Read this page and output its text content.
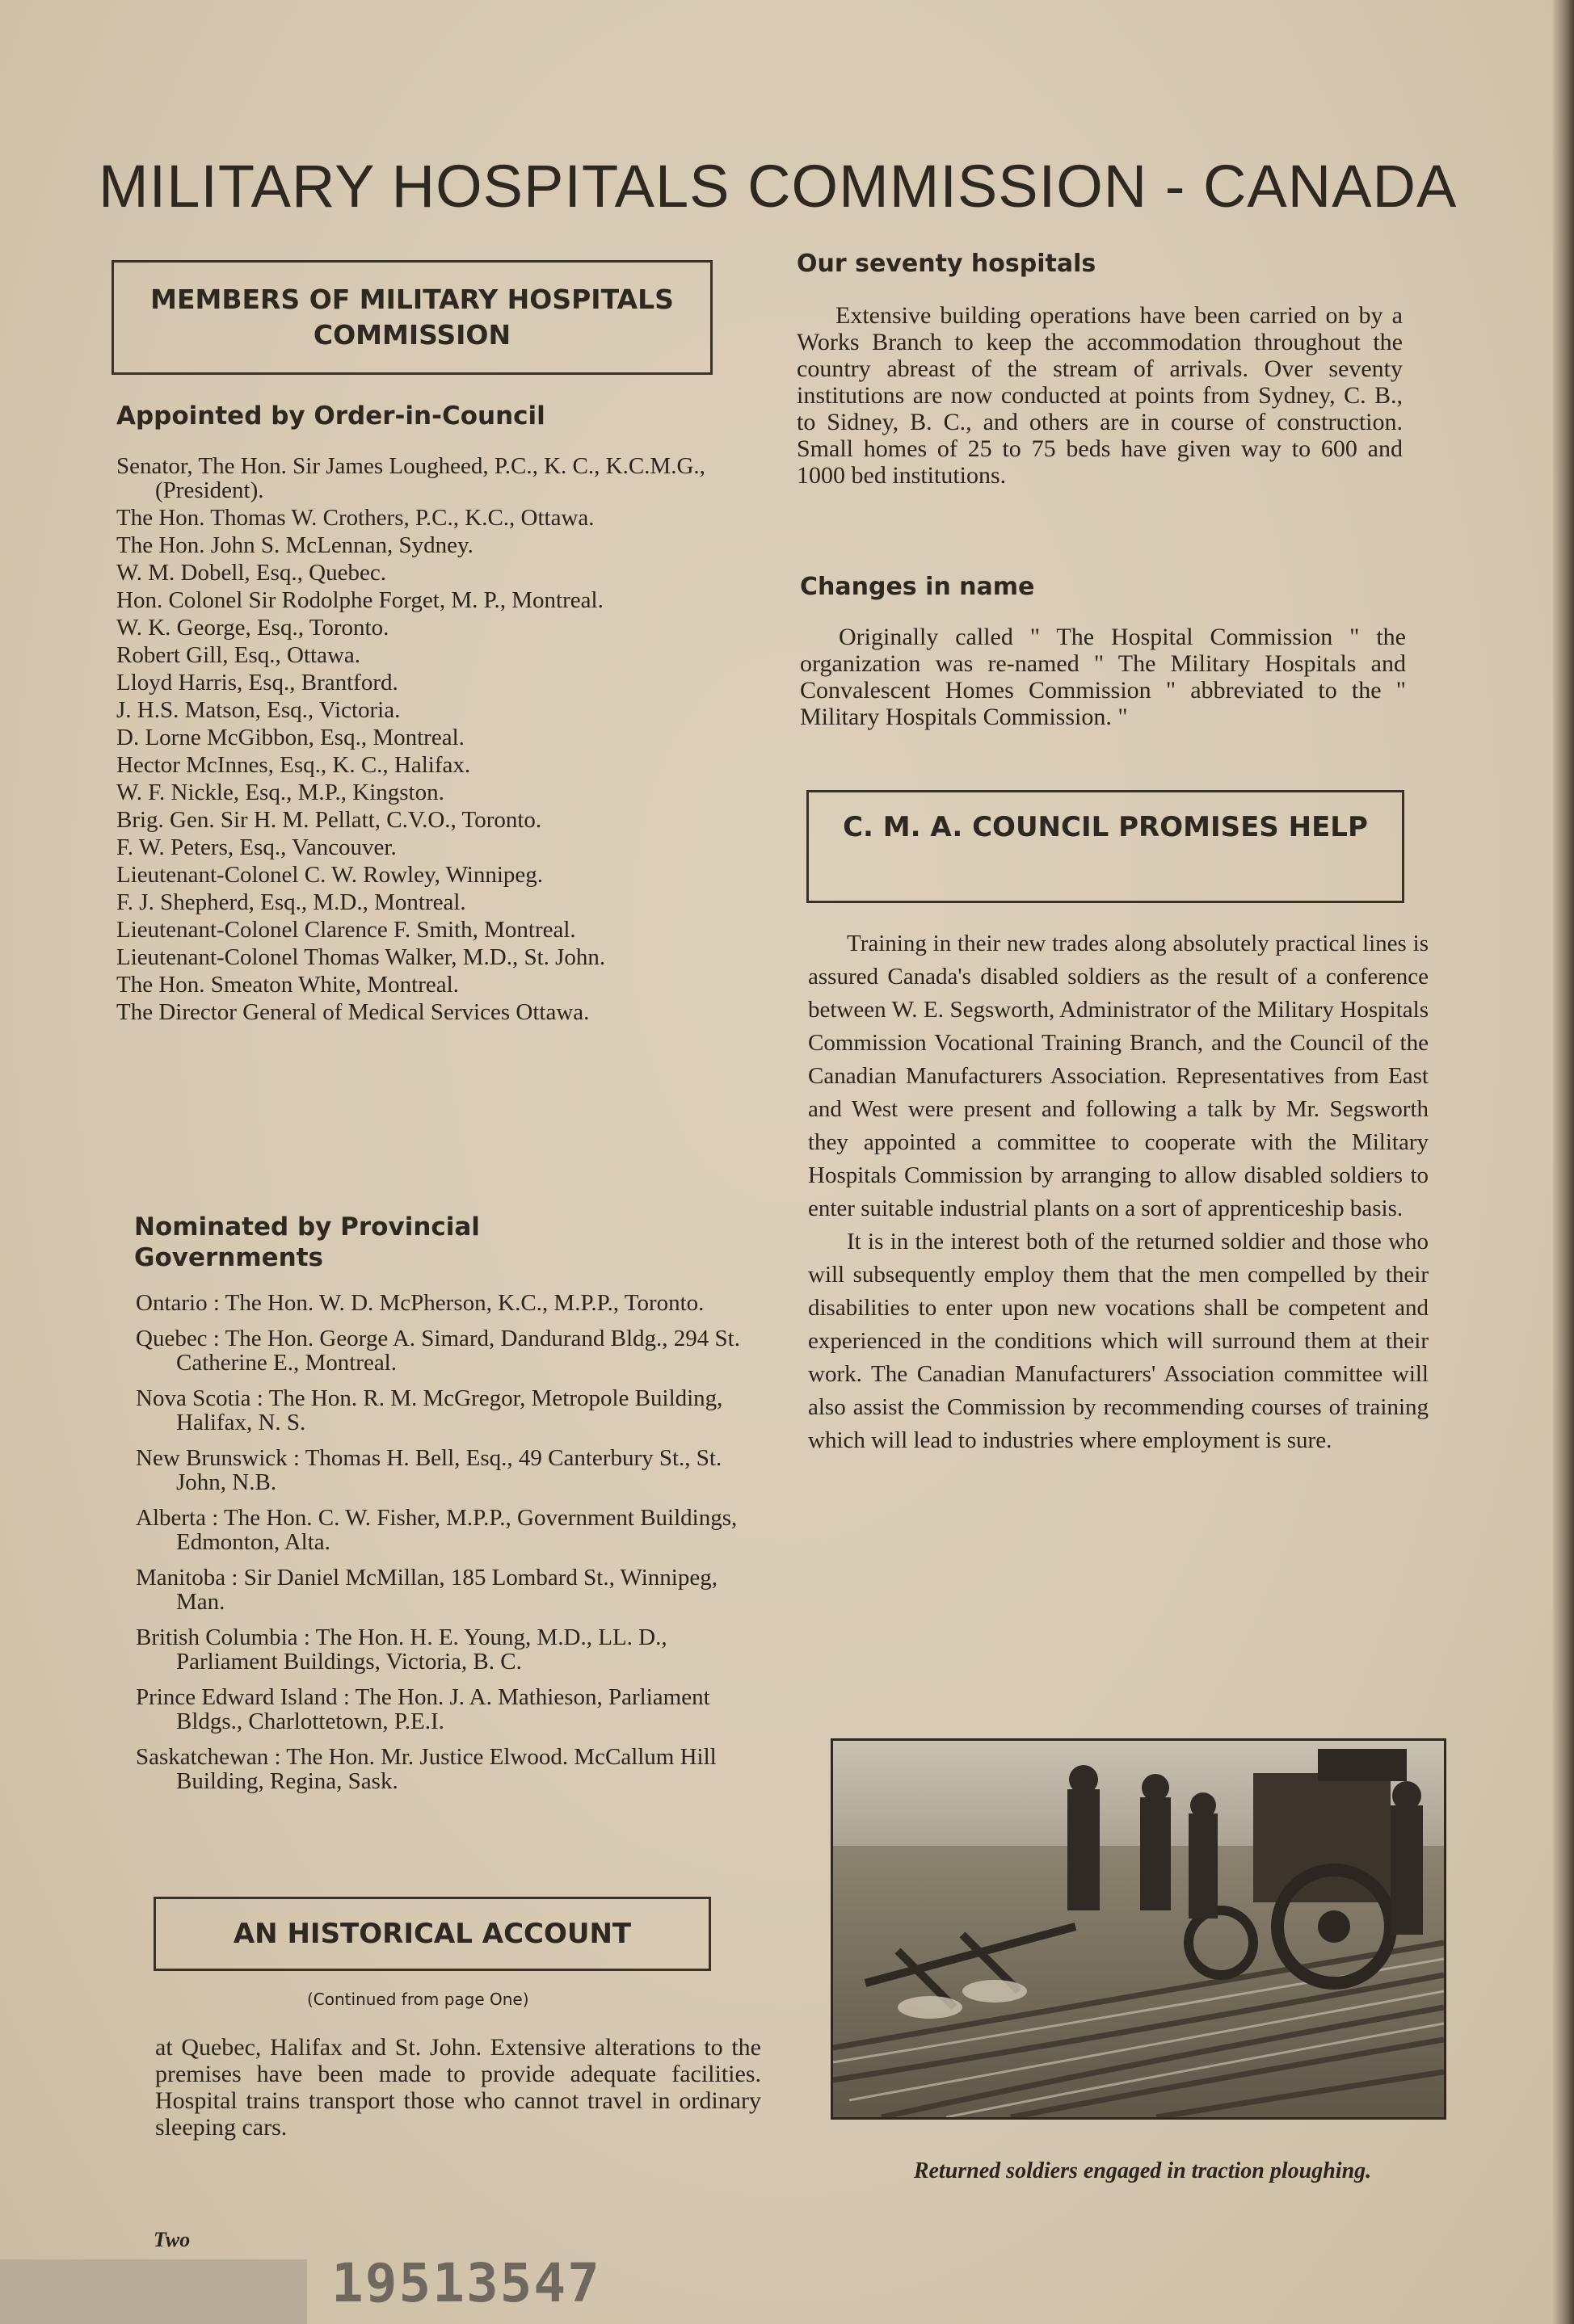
MILITARY HOSPITALS COMMISSION - CANADA
MEMBERS OF MILITARY HOSPITALS COMMISSION
Appointed by Order-in-Council
Senator, The Hon. Sir James Lougheed, P.C., K. C., K.C.M.G., (President).
The Hon. Thomas W. Crothers, P.C., K.C., Ottawa.
The Hon. John S. McLennan, Sydney.
W. M. Dobell, Esq., Quebec.
Hon. Colonel Sir Rodolphe Forget, M. P., Montreal.
W. K. George, Esq., Toronto.
Robert Gill, Esq., Ottawa.
Lloyd Harris, Esq., Brantford.
J. H.S. Matson, Esq., Victoria.
D. Lorne McGibbon, Esq., Montreal.
Hector McInnes, Esq., K. C., Halifax.
W. F. Nickle, Esq., M.P., Kingston.
Brig. Gen. Sir H. M. Pellatt, C.V.O., Toronto.
F. W. Peters, Esq., Vancouver.
Lieutenant-Colonel C. W. Rowley, Winnipeg.
F. J. Shepherd, Esq., M.D., Montreal.
Lieutenant-Colonel Clarence F. Smith, Montreal.
Lieutenant-Colonel Thomas Walker, M.D., St. John.
The Hon. Smeaton White, Montreal.
The Director General of Medical Services Ottawa.
Nominated by Provincial Governments
Ontario : The Hon. W. D. McPherson, K.C., M.P.P., Toronto.
Quebec : The Hon. George A. Simard, Dandurand Bldg., 294 St. Catherine E., Montreal.
Nova Scotia : The Hon. R. M. McGregor, Metropole Building, Halifax, N. S.
New Brunswick : Thomas H. Bell, Esq., 49 Canterbury St., St. John, N.B.
Alberta : The Hon. C. W. Fisher, M.P.P., Government Buildings, Edmonton, Alta.
Manitoba : Sir Daniel McMillan, 185 Lombard St., Winnipeg, Man.
British Columbia : The Hon. H. E. Young, M.D., LL. D., Parliament Buildings, Victoria, B. C.
Prince Edward Island : The Hon. J. A. Mathieson, Parliament Bldgs., Charlottetown, P.E.I.
Saskatchewan : The Hon. Mr. Justice Elwood. McCallum Hill Building, Regina, Sask.
AN HISTORICAL ACCOUNT
(Continued from page One)
at Quebec, Halifax and St. John. Extensive alterations to the premises have been made to provide adequate facilities. Hospital trains transport those who cannot travel in ordinary sleeping cars.
Our seventy hospitals

Extensive building operations have been carried on by a Works Branch to keep the accommodation throughout the country abreast of the stream of arrivals. Over seventy institutions are now conducted at points from Sydney, C. B., to Sidney, B. C., and others are in course of construction. Small homes of 25 to 75 beds have given way to 600 and 1000 bed institutions.

Changes in name

Originally called " The Hospital Commission " the organization was re-named " The Military Hospitals and Convalescent Homes Commission " abbreviated to the " Military Hospitals Commission. "

C. M. A. COUNCIL PROMISES HELP

Training in their new trades along absolutely practical lines is assured Canada's disabled soldiers as the result of a conference between W. E. Segsworth, Administrator of the Military Hospitals Commission Vocational Training Branch, and the Council of the Canadian Manufacturers Association. Representatives from East and West were present and following a talk by Mr. Segsworth they appointed a committee to cooperate with the Military Hospitals Commission by arranging to allow disabled soldiers to enter suitable industrial plants on a sort of apprenticeship basis.

It is in the interest both of the returned soldier and those who will subsequently employ them that the men compelled by their disabilities to enter upon new vocations shall be competent and experienced in the conditions which will surround them at their work. The Canadian Manufacturers' Association committee will also assist the Commission by recommending courses of training which will lead to industries where employment is sure.

Returned soldiers engaged in traction ploughing.
Two
19513547
